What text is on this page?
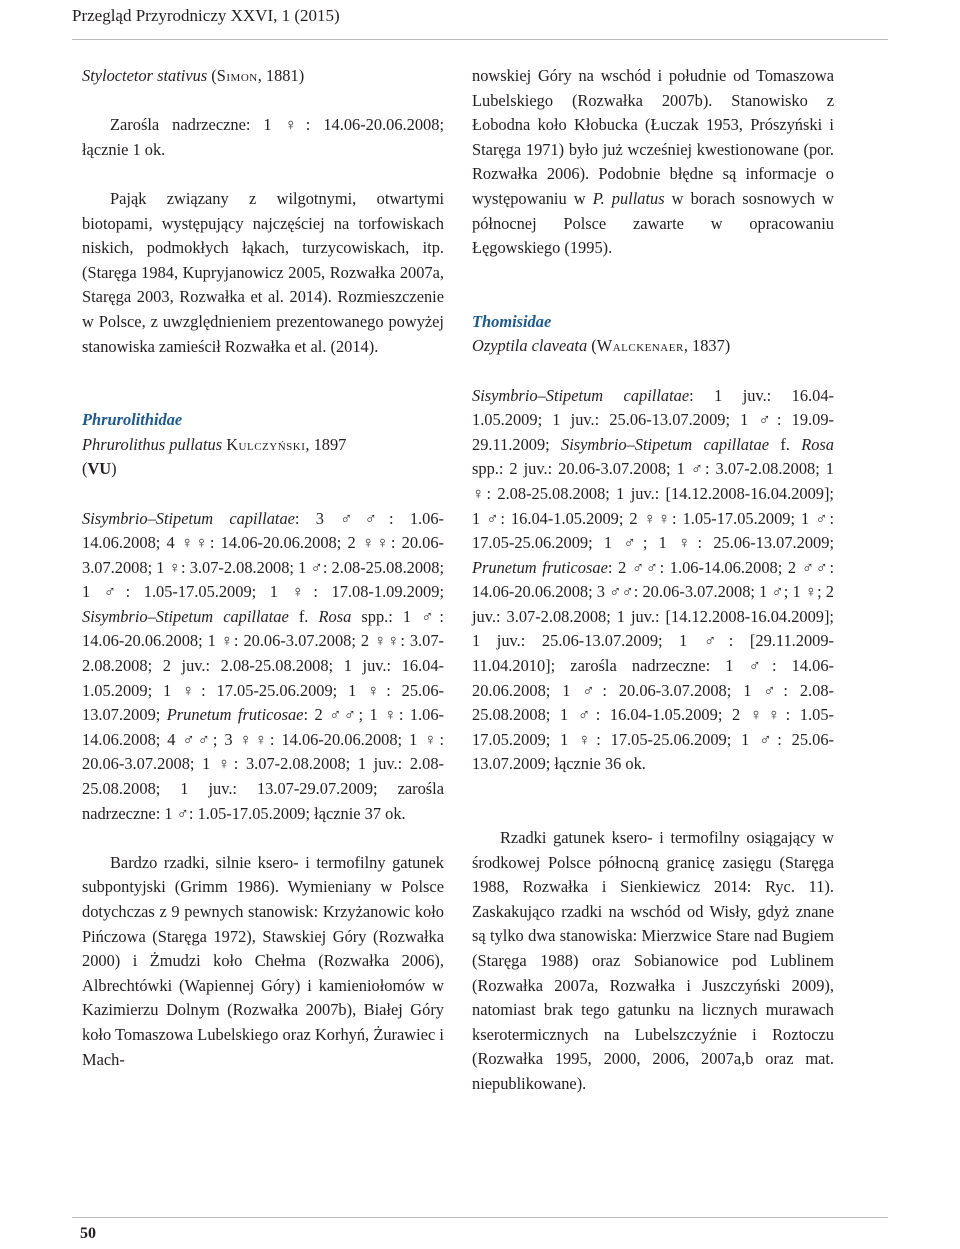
Przegląd Przyrodniczy XXVI, 1 (2015)

Styloctetor stativus (Simon, 1881)

Zarośla nadrzeczne: 1 ♀: 14.06-20.06.2008; łącznie 1 ok.

Pająk związany z wilgotnymi, otwartymi biotopami, występujący najczęściej na torfowiskach niskich, podmokłych łąkach, turzycowiskach, itp. (Staręga 1984, Kupryjanowicz 2005, Rozwałka 2007a, Staręga 2003, Rozwałka et al. 2014). Rozmieszczenie w Polsce, z uwzględnieniem prezentowanego powyżej stanowiska zamieścił Rozwałka et al. (2014).

Phrurolithidae

Phrurolithus pullatus Kulczyński, 1897
(VU)

Sisymbrio–Stipetum capillatae: 3 ♂♂: 1.06-14.06.2008; 4 ♀♀: 14.06-20.06.2008; 2 ♀♀: 20.06-3.07.2008; 1 ♀: 3.07-2.08.2008; 1 ♂: 2.08-25.08.2008; 1 ♂: 1.05-17.05.2009; 1 ♀: 17.08-1.09.2009; Sisymbrio–Stipetum capillatae f. Rosa spp.: 1 ♂: 14.06-20.06.2008; 1 ♀: 20.06-3.07.2008; 2 ♀♀: 3.07-2.08.2008; 2 juv.: 2.08-25.08.2008; 1 juv.: 16.04-1.05.2009; 1 ♀: 17.05-25.06.2009; 1 ♀: 25.06-13.07.2009; Prunetum fruticosae: 2 ♂♂; 1 ♀: 1.06-14.06.2008; 4 ♂♂; 3 ♀♀: 14.06-20.06.2008; 1 ♀: 20.06-3.07.2008; 1 ♀: 3.07-2.08.2008; 1 juv.: 2.08-25.08.2008; 1 juv.: 13.07-29.07.2009; zarośla nadrzeczne: 1 ♂: 1.05-17.05.2009; łącznie 37 ok.

Bardzo rzadki, silnie ksero- i termofilny gatunek subpontyjski (Grimm 1986). Wymieniany w Polsce dotychczas z 9 pewnych stanowisk: Krzyżanowic koło Pińczowa (Staręga 1972), Stawskiej Góry (Rozwałka 2000) i Żmudzi koło Chełma (Rozwałka 2006), Albrechtówki (Wapiennej Góry) i kamieniołomów w Kazimierzu Dolnym (Rozwałka 2007b), Białej Góry koło Tomaszowa Lubelskiego oraz Korhyń, Żurawiec i Mach-

nowskiej Góry na wschód i południe od Tomaszowa Lubelskiego (Rozwałka 2007b). Stanowisko z Łobodna koło Kłobucka (Łuczak 1953, Prószyński i Staręga 1971) było już wcześniej kwestionowane (por. Rozwałka 2006). Podobnie błędne są informacje o występowaniu w P. pullatus w borach sosnowych w północnej Polsce zawarte w opracowaniu Łęgowskiego (1995).

Thomisidae

Ozyptila claveata (Walckenaer, 1837)

Sisymbrio–Stipetum capillatae: 1 juv.: 16.04-1.05.2009; 1 juv.: 25.06-13.07.2009; 1 ♂: 19.09-29.11.2009; Sisymbrio–Stipetum capillatae f. Rosa spp.: 2 juv.: 20.06-3.07.2008; 1 ♂: 3.07-2.08.2008; 1 ♀: 2.08-25.08.2008; 1 juv.: [14.12.2008-16.04.2009]; 1 ♂: 16.04-1.05.2009; 2 ♀♀: 1.05-17.05.2009; 1 ♂: 17.05-25.06.2009; 1 ♂; 1 ♀: 25.06-13.07.2009; Prunetum fruticosae: 2 ♂♂: 1.06-14.06.2008; 2 ♂♂: 14.06-20.06.2008; 3 ♂♂: 20.06-3.07.2008; 1 ♂; 1 ♀; 2 juv.: 3.07-2.08.2008; 1 juv.: [14.12.2008-16.04.2009]; 1 juv.: 25.06-13.07.2009; 1 ♂: [29.11.2009-11.04.2010]; zarośla nadrzeczne: 1 ♂: 14.06-20.06.2008; 1 ♂: 20.06-3.07.2008; 1 ♂: 2.08-25.08.2008; 1 ♂: 16.04-1.05.2009; 2 ♀♀: 1.05-17.05.2009; 1 ♀: 17.05-25.06.2009; 1 ♂: 25.06-13.07.2009; łącznie 36 ok.

Rzadki gatunek ksero- i termofilny osiągający w środkowej Polsce północną granicę zasięgu (Staręga 1988, Rozwałka i Sienkiewicz 2014: Ryc. 11). Zaskakująco rzadki na wschód od Wisły, gdyż znane są tylko dwa stanowiska: Mierzwice Stare nad Bugiem (Staręga 1988) oraz Sobianowice pod Lublinem (Rozwałka 2007a, Rozwałka i Juszczyński 2009), natomiast brak tego gatunku na licznych murawach kserotermicznych na Lubelszczyźnie i Roztoczu (Rozwałka 1995, 2000, 2006, 2007a,b oraz mat. niepublikowane).

50
